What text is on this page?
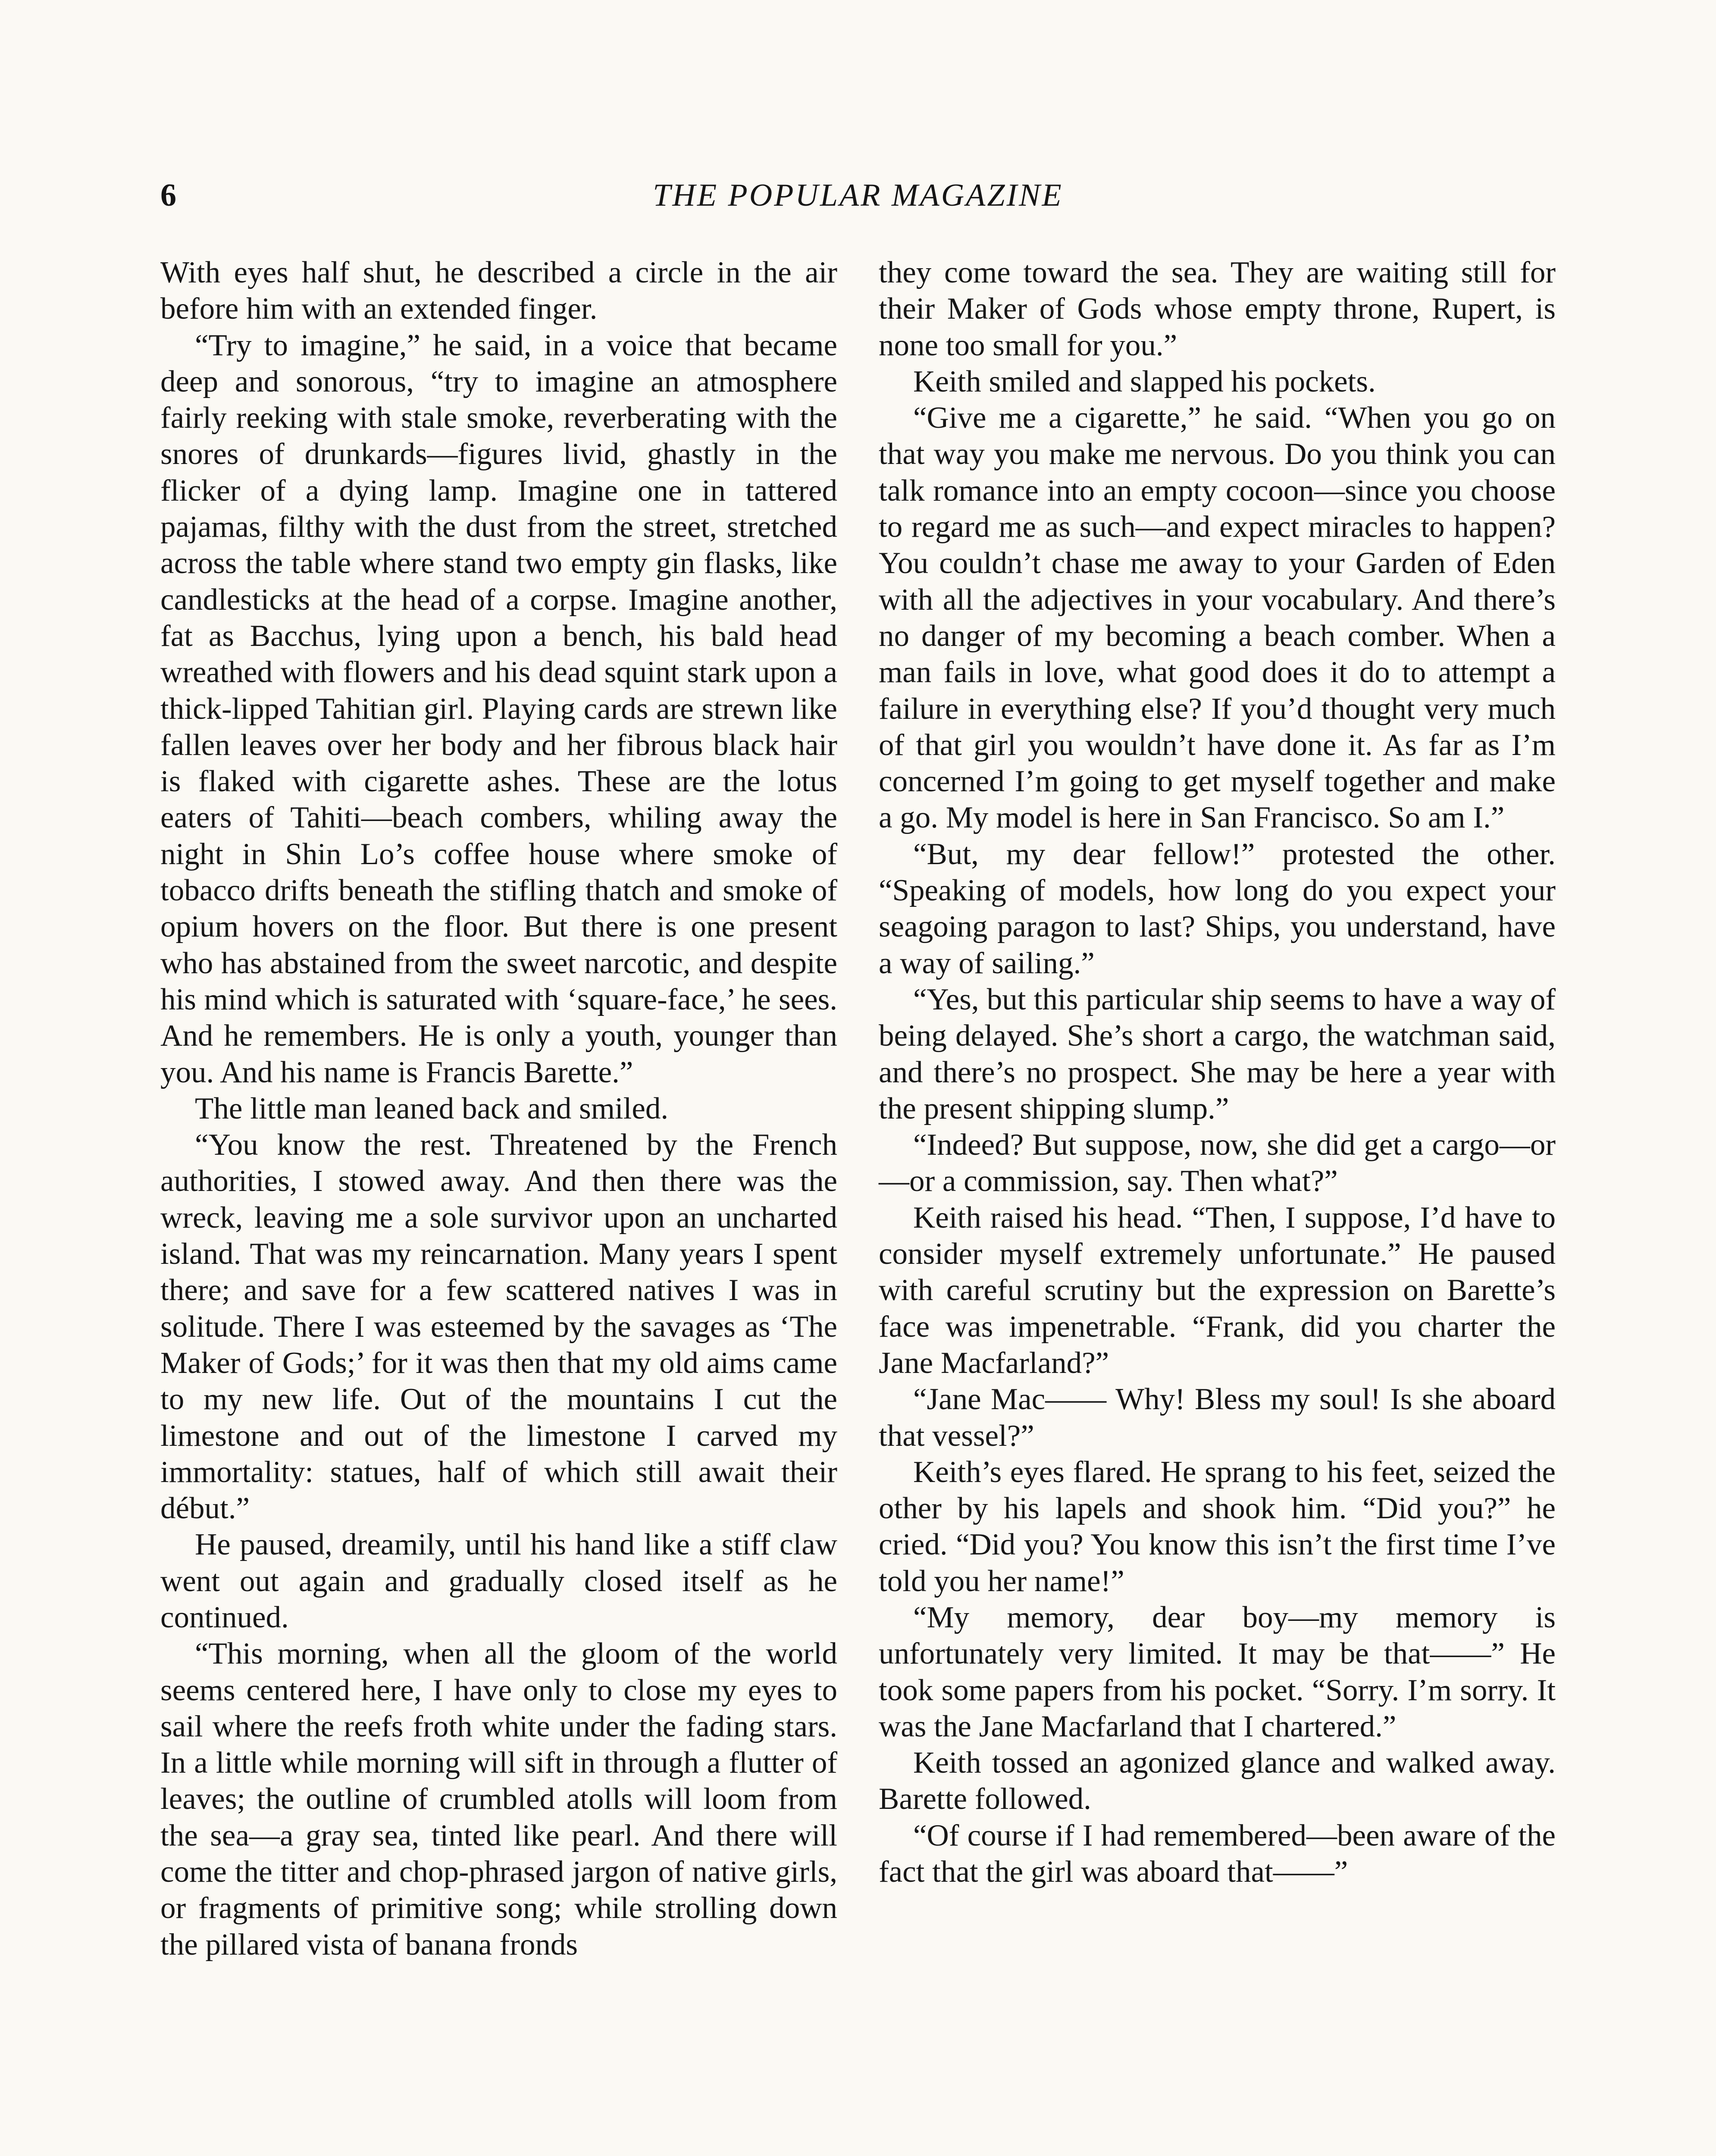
6	THE POPULAR MAGAZINE

With eyes half shut, he described a circle in the air before him with an extended finger.

“Try to imagine,” he said, in a voice that became deep and sonorous, “try to imagine an atmosphere fairly reeking with stale smoke, reverberating with the snores of drunkards—figures livid, ghastly in the flicker of a dying lamp. Imagine one in tattered pajamas, filthy with the dust from the street, stretched across the table where stand two empty gin flasks, like candlesticks at the head of a corpse. Imagine another, fat as Bacchus, lying upon a bench, his bald head wreathed with flowers and his dead squint stark upon a thick-lipped Tahitian girl. Playing cards are strewn like fallen leaves over her body and her fibrous black hair is flaked with cigarette ashes. These are the lotus eaters of Tahiti—beach combers, whiling away the night in Shin Lo’s coffee house where smoke of tobacco drifts beneath the stifling thatch and smoke of opium hovers on the floor. But there is one present who has abstained from the sweet narcotic, and despite his mind which is saturated with ‘square-face,’ he sees. And he remembers. He is only a youth, younger than you. And his name is Francis Barette.”

The little man leaned back and smiled.

“You know the rest. Threatened by the French authorities, I stowed away. And then there was the wreck, leaving me a sole survivor upon an uncharted island. That was my reincarnation. Many years I spent there; and save for a few scattered natives I was in solitude. There I was esteemed by the savages as ‘The Maker of Gods;’ for it was then that my old aims came to my new life. Out of the mountains I cut the limestone and out of the limestone I carved my immortality: statues, half of which still await their début.”

He paused, dreamily, until his hand like a stiff claw went out again and gradually closed itself as he continued.

“This morning, when all the gloom of the world seems centered here, I have only to close my eyes to sail where the reefs froth white under the fading stars. In a little while morning will sift in through a flutter of leaves; the outline of crumbled atolls will loom from the sea—a gray sea, tinted like pearl. And there will come the titter and chop-phrased jargon of native girls, or fragments of primitive song; while strolling down the pillared vista of banana fronds

they come toward the sea. They are waiting still for their Maker of Gods whose empty throne, Rupert, is none too small for you.”

Keith smiled and slapped his pockets.

“Give me a cigarette,” he said. “When you go on that way you make me nervous. Do you think you can talk romance into an empty cocoon—since you choose to regard me as such—and expect miracles to happen? You couldn’t chase me away to your Garden of Eden with all the adjectives in your vocabulary. And there’s no danger of my becoming a beach comber. When a man fails in love, what good does it do to attempt a failure in everything else? If you’d thought very much of that girl you wouldn’t have done it. As far as I’m concerned I’m going to get myself together and make a go. My model is here in San Francisco. So am I.”

“But, my dear fellow!” protested the other. “Speaking of models, how long do you expect your seagoing paragon to last? Ships, you understand, have a way of sailing.”

“Yes, but this particular ship seems to have a way of being delayed. She’s short a cargo, the watchman said, and there’s no prospect. She may be here a year with the present shipping slump.”

“Indeed? But suppose, now, she did get a cargo—or—or a commission, say. Then what?”

Keith raised his head. “Then, I suppose, I’d have to consider myself extremely unfortunate.” He paused with careful scrutiny but the expression on Barette’s face was impenetrable. “Frank, did you charter the Jane Macfarland?”

“Jane Mac—— Why! Bless my soul! Is she aboard that vessel?”

Keith’s eyes flared. He sprang to his feet, seized the other by his lapels and shook him. “Did you?” he cried. “Did you? You know this isn’t the first time I’ve told you her name!”

“My memory, dear boy—my memory is unfortunately very limited. It may be that——” He took some papers from his pocket. “Sorry. I’m sorry. It was the Jane Macfarland that I chartered.”

Keith tossed an agonized glance and walked away. Barette followed.

“Of course if I had remembered—been aware of the fact that the girl was aboard that——”
